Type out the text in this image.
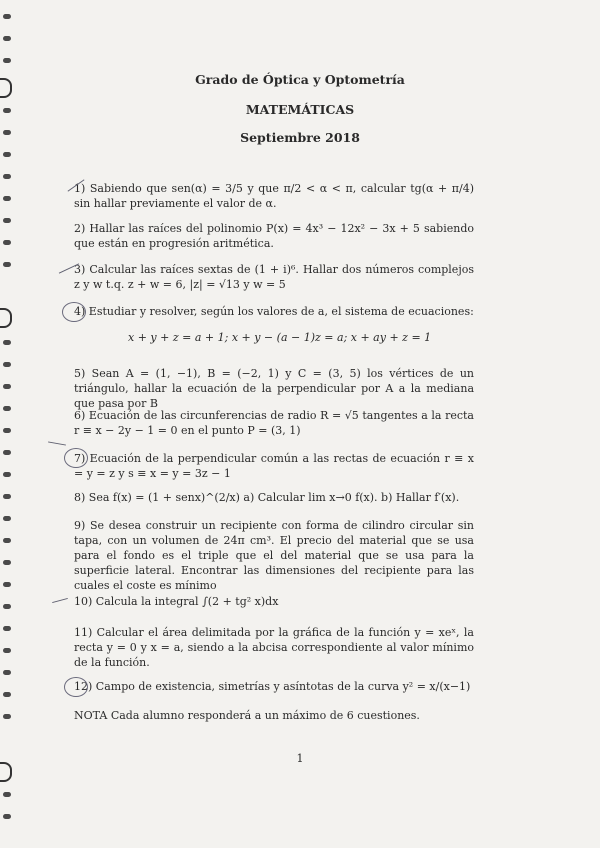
Grado de Óptica y Optometría
MATEMÁTICAS
Septiembre 2018
1) Sabiendo que sen(α) = 3/5 y que π/2 < α < π, calcular tg(α + π/4) sin hallar previamente el valor de α.
2) Hallar las raíces del polinomio P(x) = 4x³ − 12x² − 3x + 5 sabiendo que están en progresión aritmética.
3) Calcular las raíces sextas de (1 + i)⁶. Hallar dos números complejos z y w t.q. z + w = 6, |z| = √13 y w = 5
4) Estudiar y resolver, según los valores de a, el sistema de ecuaciones:
x + y + z = a + 1; x + y − (a − 1)z = a; x + ay + z = 1
5) Sean A = (1, −1), B = (−2, 1) y C = (3, 5) los vértices de un triángulo, hallar la ecuación de la perpendicular por A a la mediana que pasa por B
6) Ecuación de las circunferencias de radio R = √5 tangentes a la recta r ≡ x − 2y − 1 = 0 en el punto P = (3, 1)
7) Ecuación de la perpendicular común a las rectas de ecuación r ≡ x = y = z y s ≡ x = y = 3z − 1
8) Sea f(x) = (1 + senx)^(2/x) a) Calcular lim x→0 f(x). b) Hallar f′(x).
9) Se desea construir un recipiente con forma de cilindro circular sin tapa, con un volumen de 24π cm³. El precio del material que se usa para el fondo es el triple que el del material que se usa para la superficie lateral. Encontrar las dimensiones del recipiente para las cuales el coste es mínimo
10) Calcula la integral ∫(2 + tg² x)dx
11) Calcular el área delimitada por la gráfica de la función y = xeˣ, la recta y = 0 y x = a, siendo a la abcisa correspondiente al valor mínimo de la función.
12) Campo de existencia, simetrías y asíntotas de la curva y² = x/(x−1)
NOTA Cada alumno responderá a un máximo de 6 cuestiones.
1
